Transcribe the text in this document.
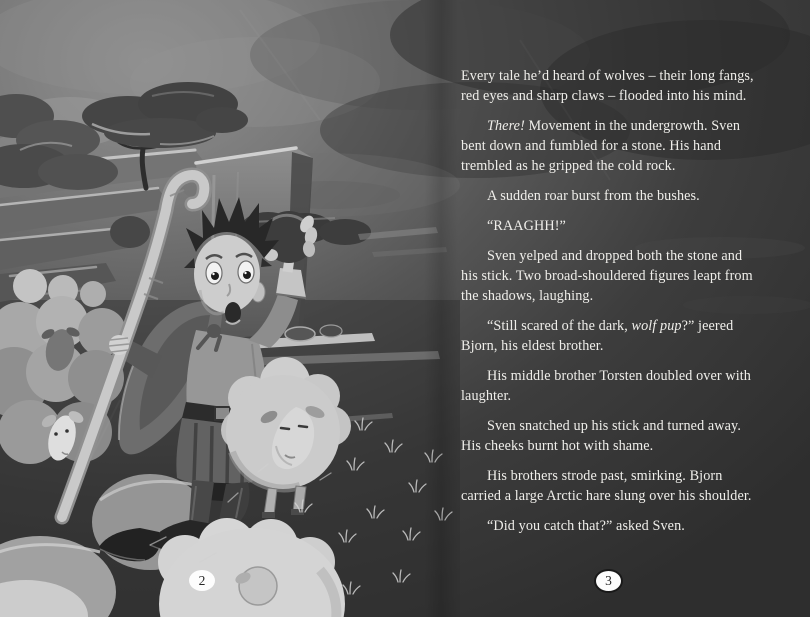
Every tale he’d heard of wolves – their long fangs,
red eyes and sharp claws – flooded into his mind.

There! Movement in the undergrowth. Sven
bent down and fumbled for a stone. His hand
trembled as he gripped the cold rock.

A sudden roar burst from the bushes.

“RAAGHH!”

Sven yelped and dropped both the stone and
his stick. Two broad-shouldered figures leapt from
the shadows, laughing.

“Still scared of the dark, wolf pup?” jeered
Bjorn, his eldest brother.

His middle brother Torsten doubled over with
laughter.

Sven snatched up his stick and turned away.
His cheeks burnt hot with shame.

His brothers strode past, smirking. Bjorn
carried a large Arctic hare slung over his shoulder.

“Did you catch that?” asked Sven.

2	3
